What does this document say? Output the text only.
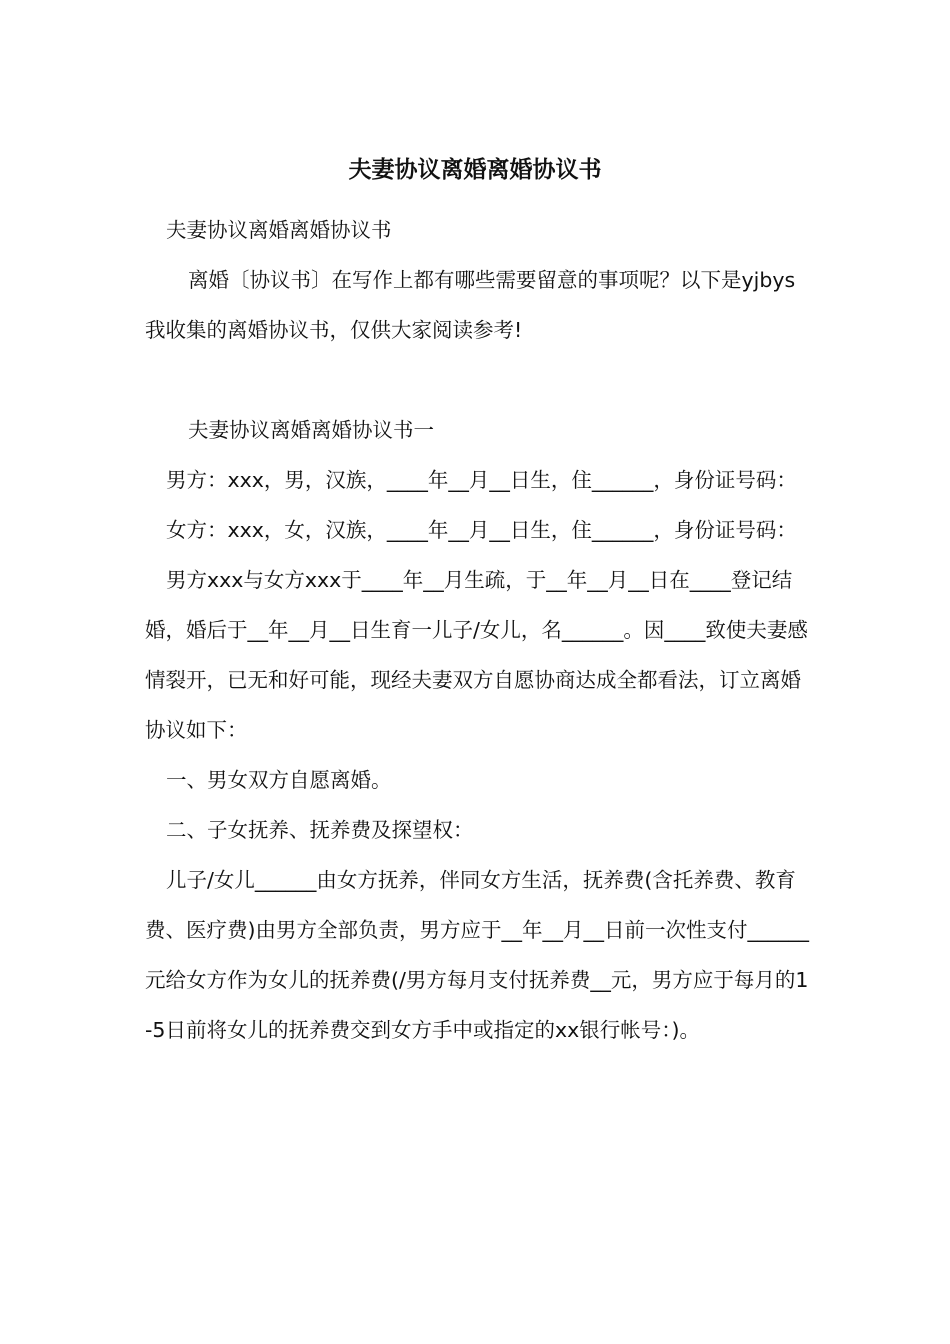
夫妻协议离婚离婚协议书

夫妻协议离婚离婚协议书

离婚〔协议书〕在写作上都有哪些需要留意的事项呢？以下是yjbys我收集的离婚协议书，仅供大家阅读参考!

夫妻协议离婚离婚协议书一

男方：xxx，男，汉族，____年__月__日生，住______，身份证号码：

女方：xxx，女，汉族，____年__月__日生，住______，身份证号码：

男方xxx与女方xxx于____年__月生疏，于__年__月__日在____登记结婚，婚后于__年__月__日生育一儿子/女儿，名______。因____致使夫妻感情裂开，已无和好可能，现经夫妻双方自愿协商达成全都看法，订立离婚协议如下：

一、男女双方自愿离婚。

二、子女抚养、抚养费及探望权：

儿子/女儿______由女方抚养，伴同女方生活，抚养费(含托养费、教育费、医疗费)由男方全部负责，男方应于__年__月__日前一次性支付______元给女方作为女儿的抚养费(/男方每月支付抚养费__元，男方应于每月的1-5日前将女儿的抚养费交到女方手中或指定的xx银行帐号：)。
